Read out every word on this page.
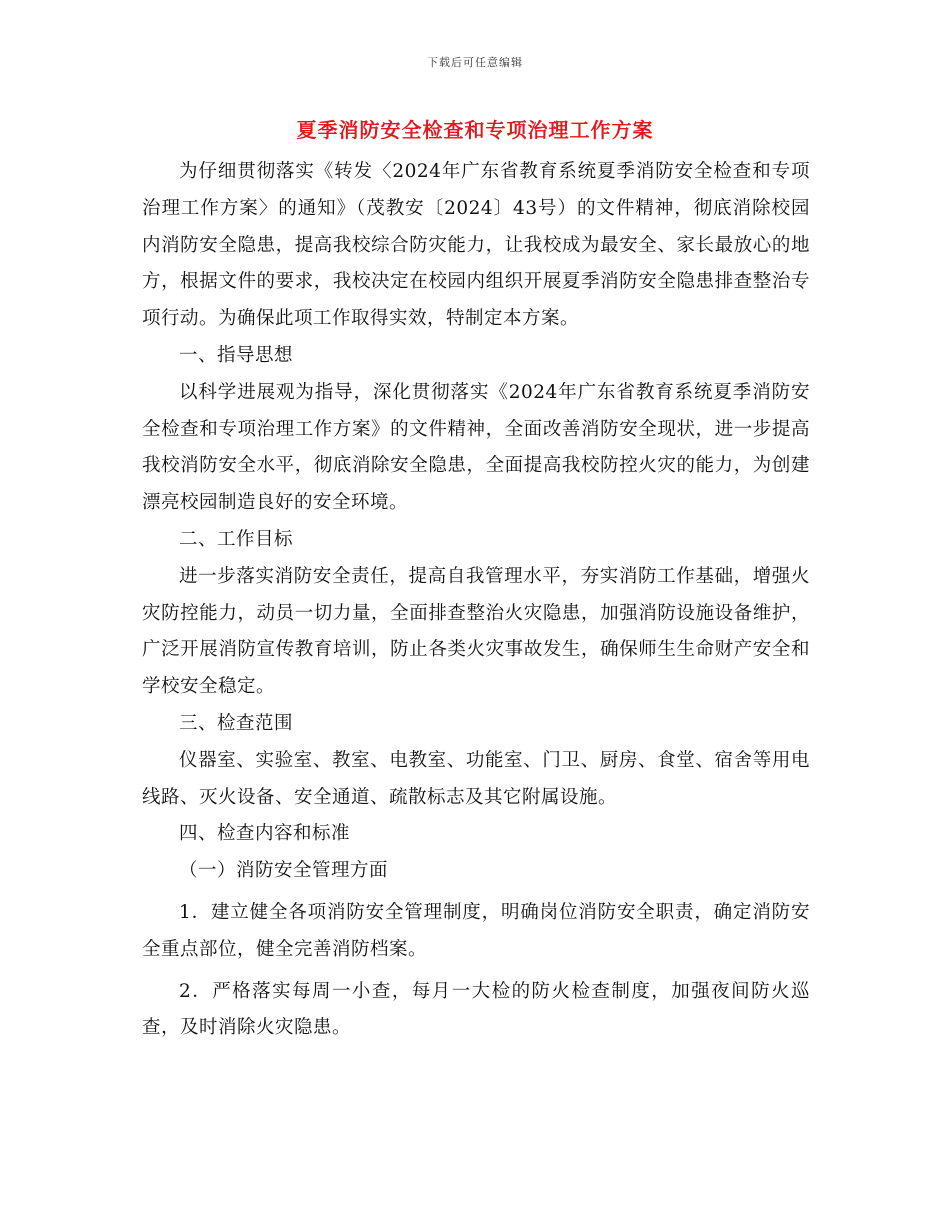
下载后可任意编辑
夏季消防安全检查和专项治理工作方案

为仔细贯彻落实《转发〈2024年广东省教育系统夏季消防安全检查和专项治理工作方案〉的通知》（茂教安〔2024〕43号）的文件精神，彻底消除校园内消防安全隐患，提高我校综合防灾能力，让我校成为最安全、家长最放心的地方，根据文件的要求，我校决定在校园内组织开展夏季消防安全隐患排查整治专项行动。为确保此项工作取得实效，特制定本方案。

一、指导思想

以科学进展观为指导，深化贯彻落实《2024年广东省教育系统夏季消防安全检查和专项治理工作方案》的文件精神，全面改善消防安全现状，进一步提高我校消防安全水平，彻底消除安全隐患，全面提高我校防控火灾的能力，为创建漂亮校园制造良好的安全环境。

二、工作目标

进一步落实消防安全责任，提高自我管理水平，夯实消防工作基础，增强火灾防控能力，动员一切力量，全面排查整治火灾隐患，加强消防设施设备维护，广泛开展消防宣传教育培训，防止各类火灾事故发生，确保师生生命财产安全和学校安全稳定。

三、检查范围

仪器室、实验室、教室、电教室、功能室、门卫、厨房、食堂、宿舍等用电线路、灭火设备、安全通道、疏散标志及其它附属设施。

四、检查内容和标准

（一）消防安全管理方面

1．建立健全各项消防安全管理制度，明确岗位消防安全职责，确定消防安全重点部位，健全完善消防档案。

2．严格落实每周一小查，每月一大检的防火检查制度，加强夜间防火巡查，及时消除火灾隐患。
